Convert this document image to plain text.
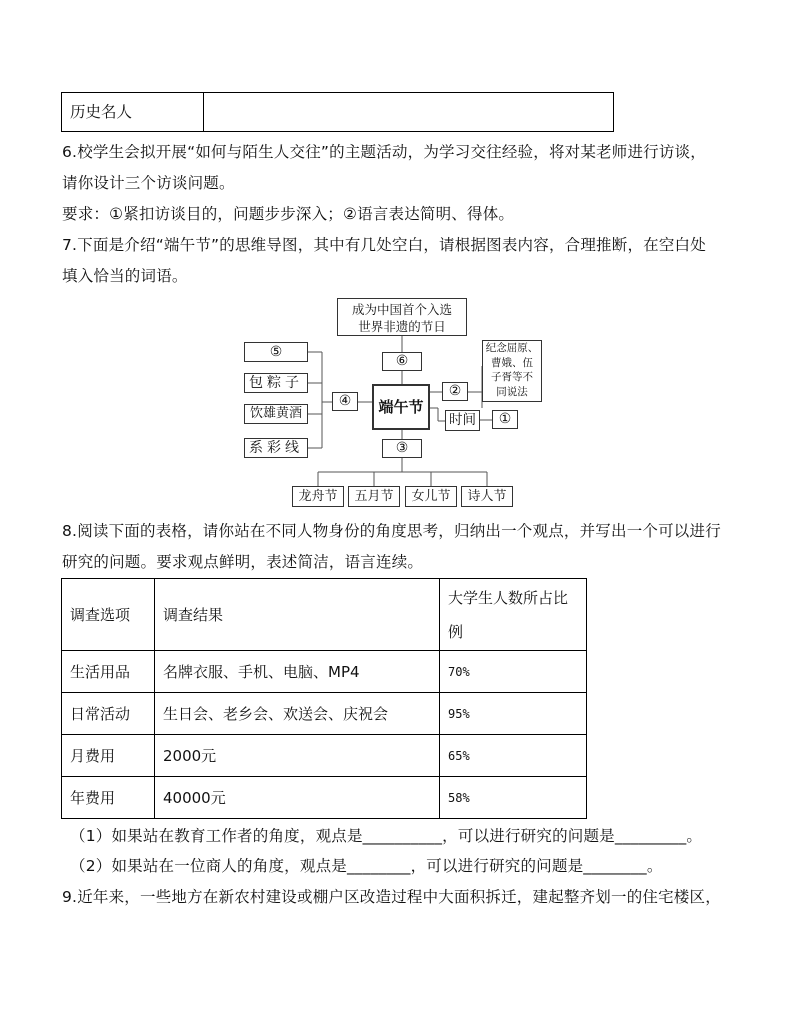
历史名人
6.校学生会拟开展“如何与陌生人交往”的主题活动，为学习交往经验，将对某老师进行访谈，
请你设计三个访谈问题。
要求：①紧扣访谈目的，问题步步深入；②语言表达简明、得体。
7.下面是介绍“端午节”的思维导图，其中有几处空白，请根据图表内容，合理推断，在空白处
填入恰当的词语。
成为中国首个入选
世界非遗的节日
⑥
⑤
包粽子
饮雄黄酒
系彩线
④	端午节
②
纪念屈原、
曹娥、伍
子胥等不
同说法
时间	①
③
龙舟节	五月节	女儿节	诗人节
8.阅读下面的表格，请你站在不同人物身份的角度思考，归纳出一个观点，并写出一个可以进行
研究的问题。要求观点鲜明，表述简洁，语言连续。
调查选项	调查结果	大学生人数所占比
例

生活用品	名牌衣服、手机、电脑、MP4	70%
日常活动	生日会、老乡会、欢送会、庆祝会	95%
月费用	2000元	65%
年费用	40000元	58%
（1）如果站在教育工作者的角度，观点是__________，可以进行研究的问题是_________。
（2）如果站在一位商人的角度，观点是________，可以进行研究的问题是________。
9.近年来，一些地方在新农村建设或棚户区改造过程中大面积拆迁，建起整齐划一的住宅楼区，
